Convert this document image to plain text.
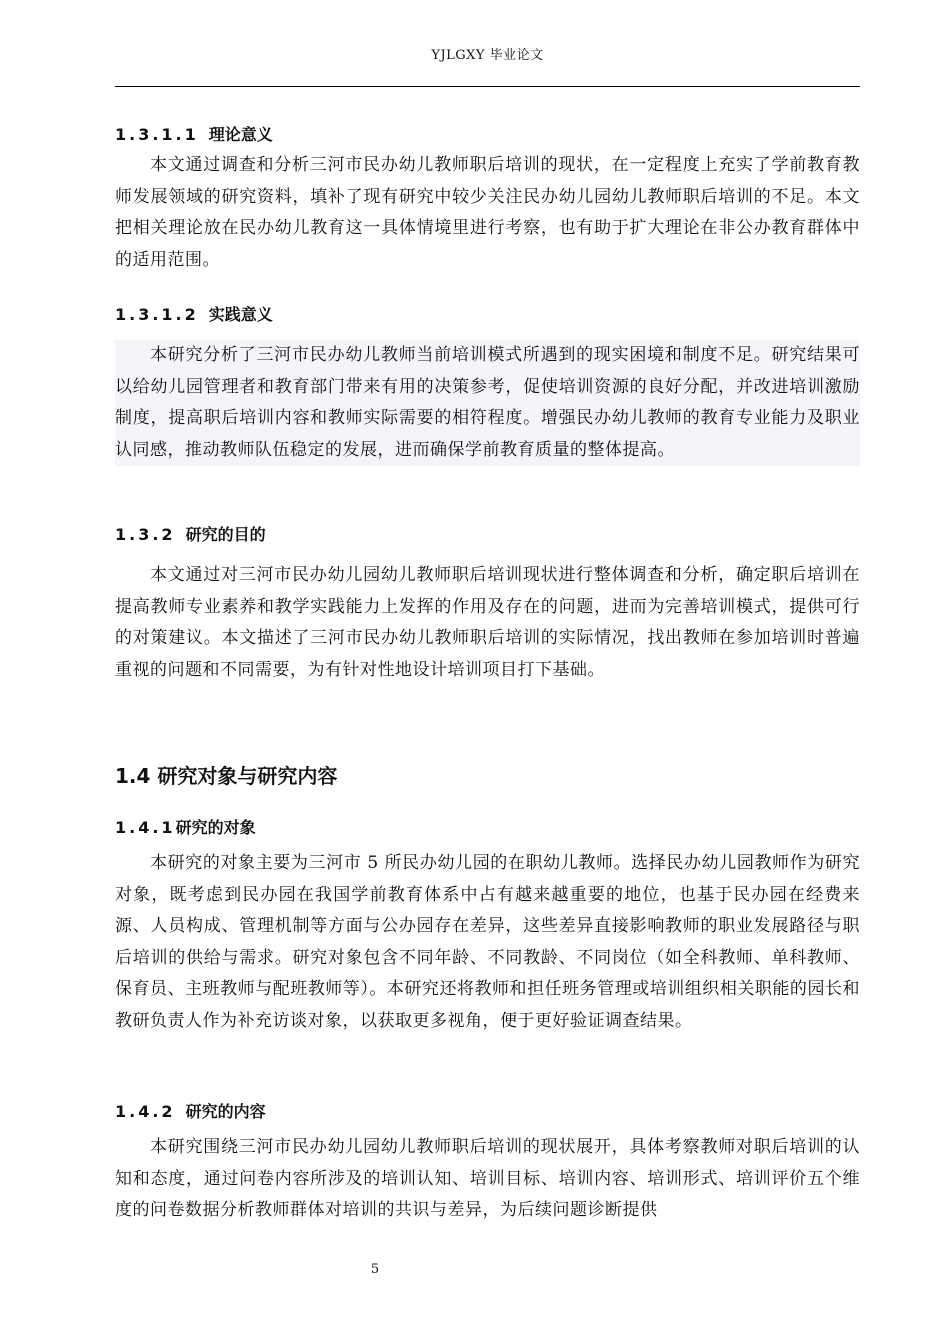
YJLGXY 毕业论文
1.3.1.1 理论意义

本文通过调查和分析三河市民办幼儿教师职后培训的现状，在一定程度上充实了学前教育教师发展领域的研究资料，填补了现有研究中较少关注民办幼儿园幼儿教师职后培训的不足。本文把相关理论放在民办幼儿教育这一具体情境里进行考察，也有助于扩大理论在非公办教育群体中的适用范围。

1.3.1.2 实践意义

本研究分析了三河市民办幼儿教师当前培训模式所遇到的现实困境和制度不足。研究结果可以给幼儿园管理者和教育部门带来有用的决策参考，促使培训资源的良好分配，并改进培训激励制度，提高职后培训内容和教师实际需要的相符程度。增强民办幼儿教师的教育专业能力及职业认同感，推动教师队伍稳定的发展，进而确保学前教育质量的整体提高。

1.3.2 研究的目的

本文通过对三河市民办幼儿园幼儿教师职后培训现状进行整体调查和分析，确定职后培训在提高教师专业素养和教学实践能力上发挥的作用及存在的问题，进而为完善培训模式，提供可行的对策建议。本文描述了三河市民办幼儿教师职后培训的实际情况，找出教师在参加培训时普遍重视的问题和不同需要，为有针对性地设计培训项目打下基础。

1.4 研究对象与研究内容
1.4.1研究的对象

本研究的对象主要为三河市 5 所民办幼儿园的在职幼儿教师。选择民办幼儿园教师作为研究对象，既考虑到民办园在我国学前教育体系中占有越来越重要的地位，也基于民办园在经费来源、人员构成、管理机制等方面与公办园存在差异，这些差异直接影响教师的职业发展路径与职后培训的供给与需求。研究对象包含不同年龄、不同教龄、不同岗位（如全科教师、单科教师、保育员、主班教师与配班教师等）。本研究还将教师和担任班务管理或培训组织相关职能的园长和教研负责人作为补充访谈对象，以获取更多视角，便于更好验证调查结果。

1.4.2 研究的内容

本研究围绕三河市民办幼儿园幼儿教师职后培训的现状展开，具体考察教师对职后培训的认知和态度，通过问卷内容所涉及的培训认知、培训目标、培训内容、培训形式、培训评价五个维度的问卷数据分析教师群体对培训的共识与差异，为后续问题诊断提供

5
